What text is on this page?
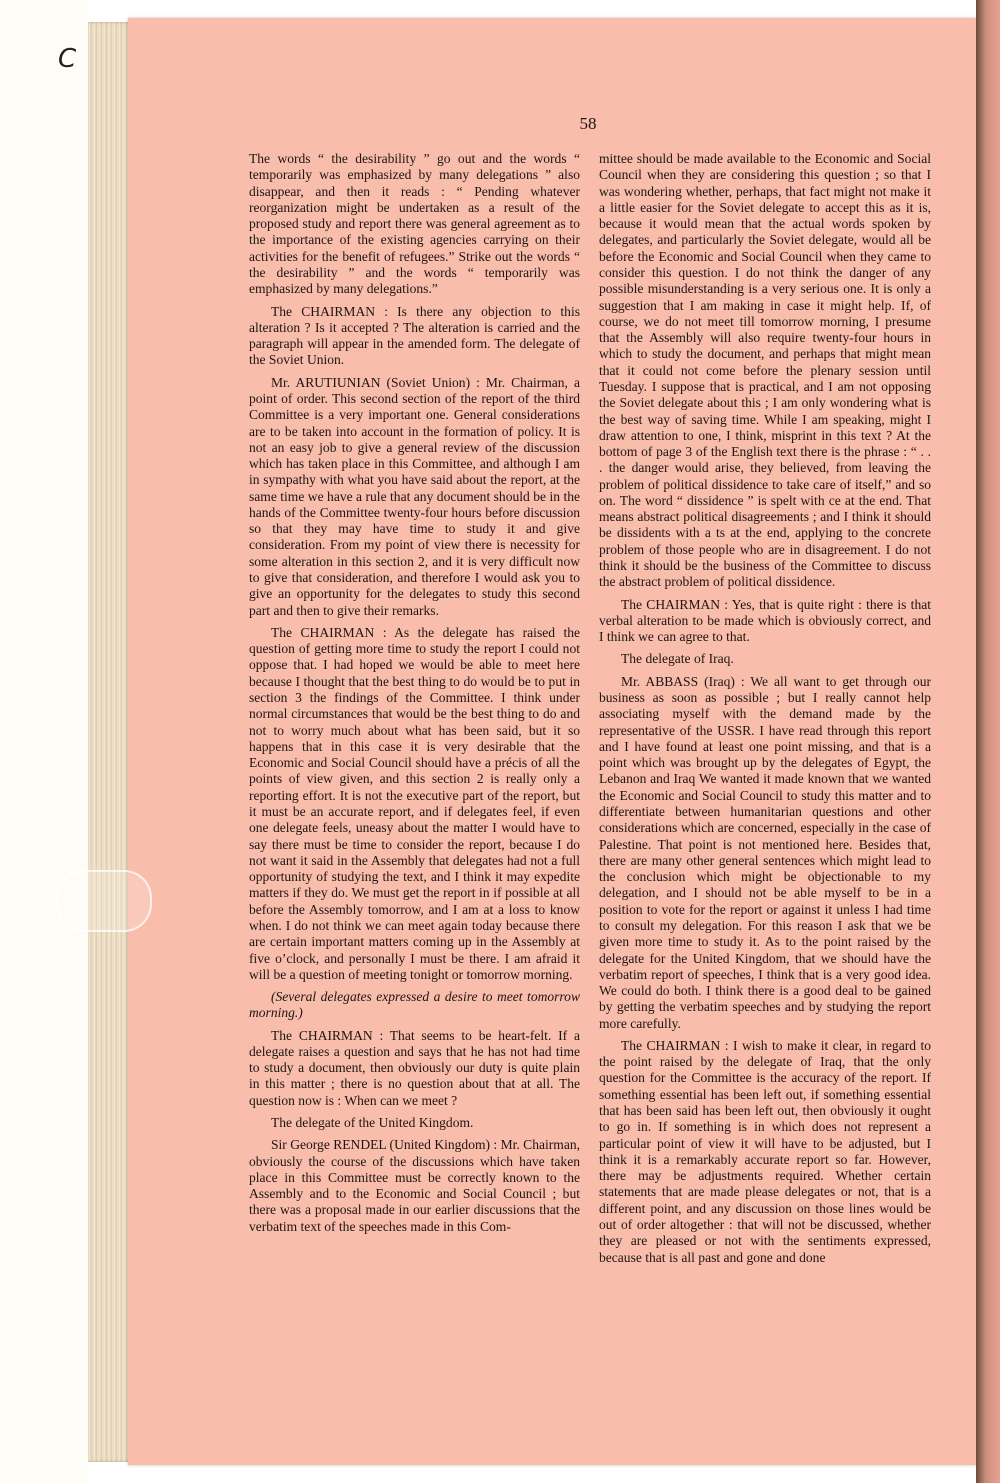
C
58

The words “ the desirability ” go out and the words “ temporarily was emphasized by many delegations ” also disappear, and then it reads : “ Pending whatever reorganization might be undertaken as a result of the proposed study and report there was general agreement as to the importance of the existing agencies carrying on their activities for the benefit of refugees.” Strike out the words “ the desirability ” and the words “ temporarily was emphasized by many delegations.”

The CHAIRMAN : Is there any objection to this alteration ? Is it accepted ? The alteration is carried and the paragraph will appear in the amended form. The delegate of the Soviet Union.

Mr. ARUTIUNIAN (Soviet Union) : Mr. Chairman, a point of order. This second section of the report of the third Committee is a very important one. General considerations are to be taken into account in the formation of policy. It is not an easy job to give a general review of the discussion which has taken place in this Committee, and although I am in sympathy with what you have said about the report, at the same time we have a rule that any document should be in the hands of the Committee twenty-four hours before discussion so that they may have time to study it and give consideration. From my point of view there is necessity for some alteration in this section 2, and it is very difficult now to give that consideration, and therefore I would ask you to give an opportunity for the delegates to study this second part and then to give their remarks.

The CHAIRMAN : As the delegate has raised the question of getting more time to study the report I could not oppose that. I had hoped we would be able to meet here because I thought that the best thing to do would be to put in section 3 the findings of the Committee. I think under normal circumstances that would be the best thing to do and not to worry much about what has been said, but it so happens that in this case it is very desirable that the Economic and Social Council should have a précis of all the points of view given, and this section 2 is really only a reporting effort. It is not the executive part of the report, but it must be an accurate report, and if delegates feel, if even one delegate feels, uneasy about the matter I would have to say there must be time to consider the report, because I do not want it said in the Assembly that delegates had not a full opportunity of studying the text, and I think it may expedite matters if they do. We must get the report in if possible at all before the Assembly tomorrow, and I am at a loss to know when. I do not think we can meet again today because there are certain important matters coming up in the Assembly at five o’clock, and personally I must be there. I am afraid it will be a question of meeting tonight or tomorrow morning.

(Several delegates expressed a desire to meet tomorrow morning.)

The CHAIRMAN : That seems to be heart-felt. If a delegate raises a question and says that he has not had time to study a document, then obviously our duty is quite plain in this matter ; there is no question about that at all. The question now is : When can we meet ?

The delegate of the United Kingdom.

Sir George RENDEL (United Kingdom) : Mr. Chairman, obviously the course of the discussions which have taken place in this Committee must be correctly known to the Assembly and to the Economic and Social Council ; but there was a proposal made in our earlier discussions that the verbatim text of the speeches made in this Com-

mittee should be made available to the Economic and Social Council when they are considering this question ; so that I was wondering whether, perhaps, that fact might not make it a little easier for the Soviet delegate to accept this as it is, because it would mean that the actual words spoken by delegates, and particularly the Soviet delegate, would all be before the Economic and Social Council when they came to consider this question. I do not think the danger of any possible misunderstanding is a very serious one. It is only a suggestion that I am making in case it might help. If, of course, we do not meet till tomorrow morning, I presume that the Assembly will also require twenty-four hours in which to study the document, and perhaps that might mean that it could not come before the plenary session until Tuesday. I suppose that is practical, and I am not opposing the Soviet delegate about this ; I am only wondering what is the best way of saving time. While I am speaking, might I draw attention to one, I think, misprint in this text ? At the bottom of page 3 of the English text there is the phrase : “ . . . the danger would arise, they believed, from leaving the problem of political dissidence to take care of itself,” and so on. The word “ dissidence ” is spelt with ce at the end. That means abstract political disagreements ; and I think it should be dissidents with a ts at the end, applying to the concrete problem of those people who are in disagreement. I do not think it should be the business of the Committee to discuss the abstract problem of political dissidence.

The CHAIRMAN : Yes, that is quite right : there is that verbal alteration to be made which is obviously correct, and I think we can agree to that.

The delegate of Iraq.

Mr. ABBASS (Iraq) : We all want to get through our business as soon as possible ; but I really cannot help associating myself with the demand made by the representative of the USSR. I have read through this report and I have found at least one point missing, and that is a point which was brought up by the delegates of Egypt, the Lebanon and Iraq We wanted it made known that we wanted the Economic and Social Council to study this matter and to differentiate between humanitarian questions and other considerations which are concerned, especially in the case of Palestine. That point is not mentioned here. Besides that, there are many other general sentences which might lead to the conclusion which might be objectionable to my delegation, and I should not be able myself to be in a position to vote for the report or against it unless I had time to consult my delegation. For this reason I ask that we be given more time to study it. As to the point raised by the delegate for the United Kingdom, that we should have the verbatim report of speeches, I think that is a very good idea. We could do both. I think there is a good deal to be gained by getting the verbatim speeches and by studying the report more carefully.

The CHAIRMAN : I wish to make it clear, in regard to the point raised by the delegate of Iraq, that the only question for the Committee is the accuracy of the report. If something essential has been left out, if something essential that has been said has been left out, then obviously it ought to go in. If something is in which does not represent a particular point of view it will have to be adjusted, but I think it is a remarkably accurate report so far. However, there may be adjustments required. Whether certain statements that are made please delegates or not, that is a different point, and any discussion on those lines would be out of order altogether : that will not be discussed, whether they are pleased or not with the sentiments expressed, because that is all past and gone and done
